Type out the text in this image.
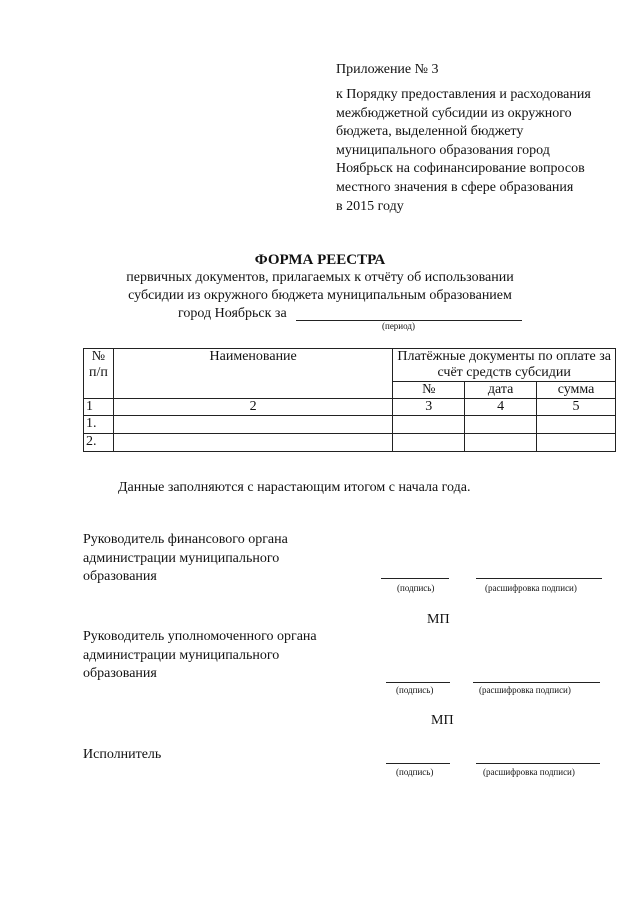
Приложение № 3
к Порядку предоставления и расходования
межбюджетной субсидии из окружного
бюджета, выделенной бюджету
муниципального образования город
Ноябрьск на софинансирование вопросов
местного значения в сфере образования
в 2015 году
ФОРМА РЕЕСТРА
первичных документов, прилагаемых к отчёту об использовании
субсидии из окружного бюджета муниципальным образованием
город Ноябрьск за
(период)
№ п/п	Наименование	Платёжные документы по оплате за счёт средств субсидии		
		№	дата	сумма
1	2	3	4	5
1.				
2.				
Данные заполняются с нарастающим итогом с начала года.
Руководитель финансового органа
администрации муниципального
образования
(подпись)	(расшифровка подписи)
МП
Руководитель уполномоченного органа
администрации муниципального
образования
(подпись)	(расшифровка подписи)
МП
Исполнитель
(подпись)	(расшифровка подписи)
